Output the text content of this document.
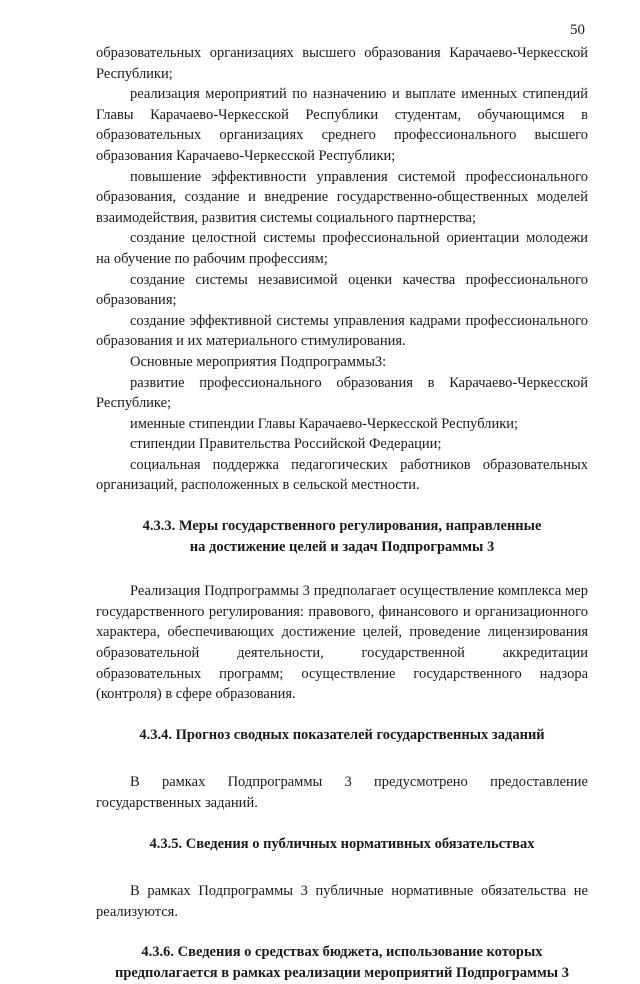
50

образовательных организациях высшего образования Карачаево-Черкесской Республики;

реализация мероприятий по назначению и выплате именных стипендий Главы Карачаево-Черкесской Республики студентам, обучающимся в образовательных организациях среднего профессионального высшего образования Карачаево-Черкесской Республики;

повышение эффективности управления системой профессионального образования, создание и внедрение государственно-общественных моделей взаимодействия, развития системы социального партнерства;

создание целостной системы профессиональной ориентации молодежи на обучение по рабочим профессиям;

создание системы независимой оценки качества профессионального образования;

создание эффективной системы управления кадрами профессионального образования и их материального стимулирования.

Основные мероприятия Подпрограммы3:

развитие профессионального образования в Карачаево-Черкесской Республике;

именные стипендии Главы Карачаево-Черкесской Республики;

стипендии Правительства Российской Федерации;

социальная поддержка педагогических работников образовательных организаций, расположенных в сельской местности.

4.3.3. Меры государственного регулирования, направленные
на достижение целей и задач Подпрограммы 3

Реализация Подпрограммы 3 предполагает осуществление комплекса мер государственного регулирования: правового, финансового и организационного характера, обеспечивающих достижение целей, проведение лицензирования образовательной деятельности, государственной аккредитации образовательных программ; осуществление государственного надзора (контроля) в сфере образования.

4.3.4. Прогноз сводных показателей государственных заданий

В рамках Подпрограммы 3 предусмотрено предоставление государственных заданий.

4.3.5. Сведения о публичных нормативных обязательствах

В рамках Подпрограммы 3 публичные нормативные обязательства не реализуются.

4.3.6. Сведения о средствах бюджета, использование которых
предполагается в рамках реализации мероприятий Подпрограммы 3
